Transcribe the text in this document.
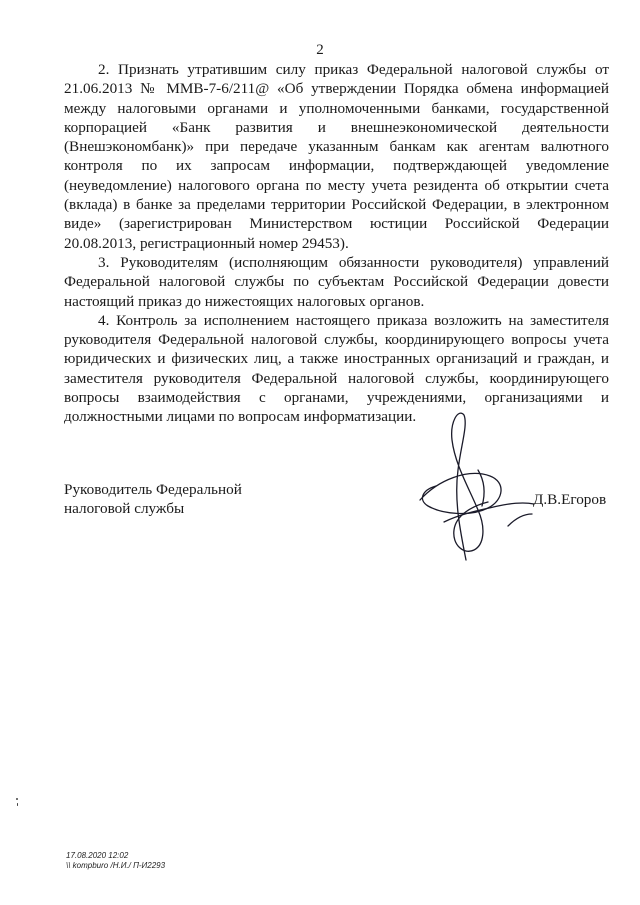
2

2. Признать утратившим силу приказ Федеральной налоговой службы от 21.06.2013 № ММВ-7-6/211@ «Об утверждении Порядка обмена информацией между налоговыми органами и уполномоченными банками, государственной корпорацией «Банк развития и внешнеэкономической деятельности (Внешэкономбанк)» при передаче указанным банкам как агентам валютного контроля по их запросам информации, подтверждающей уведомление (неуведомление) налогового органа по месту учета резидента об открытии счета (вклада) в банке за пределами территории Российской Федерации, в электронном виде» (зарегистрирован Министерством юстиции Российской Федерации 20.08.2013, регистрационный номер 29453).

3. Руководителям (исполняющим обязанности руководителя) управлений Федеральной налоговой службы по субъектам Российской Федерации довести настоящий приказ до нижестоящих налоговых органов.

4. Контроль за исполнением настоящего приказа возложить на заместителя руководителя Федеральной налоговой службы, координирующего вопросы учета юридических и физических лиц, а также иностранных организаций и граждан, и заместителя руководителя Федеральной налоговой службы, координирующего вопросы взаимодействия с органами, учреждениями, организациями и должностными лицами по вопросам информатизации.

Руководитель Федеральной
налоговой службы
Д.В.Егоров
17.08.2020 12:02
\\ kompburo /Н.И./ П-И2293
